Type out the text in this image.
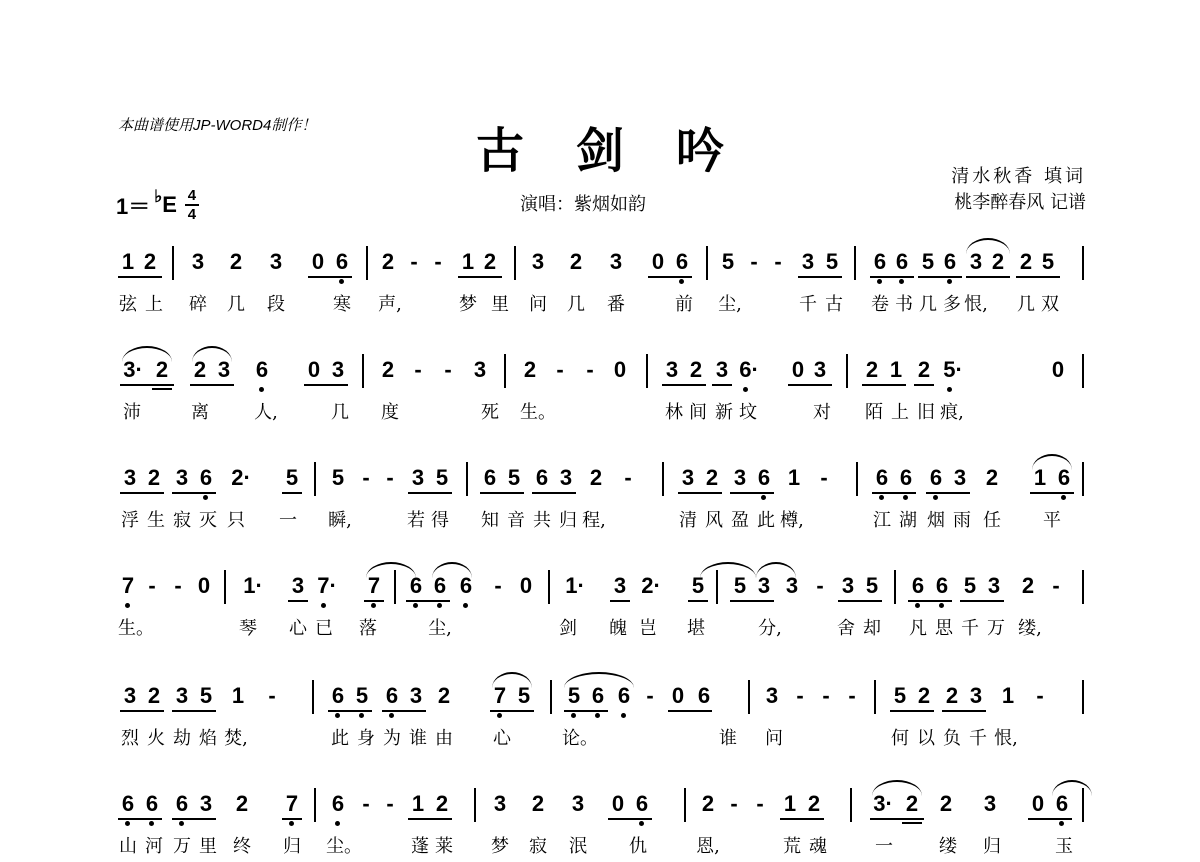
本曲谱使用JP-WORD4制作！	古剑吟	清水秋香 填词
桃李醉春风 记谱
演唱：紫烟如韵
1＝ ♭ E 4
4
1 2 3 2 3 0 6 2 - - 1 2 3 2 3 0 6 5 - - 3 5 6 6 5 6 3 2 2 5
弦 上 碎 几 段	寒 声,	梦 里 问 几 番	前 尘,	千 古 卷 书 几 多 恨, 几 双
3· 2 2 3 6 0 3 2 -	-	3 2 -	- 0 3 2 3 6· 0 3 2 1 2 5·	0
沛	离	人,	几 度	死 生。	林 间 新 坟	对 陌 上 旧 痕,
3 2 3 6 2· 5 5 - - 3 5 6 5 6 3 2	-	3 2 3 6 1 -	6 6 6 3 2 1 6
浮 生 寂 灭 只 一 瞬,	若 得 知 音 共 归 程,	清 风 盈 此 樽,	江 湖 烟 雨 任 平
7 - - 0 1· 3 7· 7 6 6 6	- 0 1· 3 2· 5 5 3 3 - 3 5 6 6 5 3 2 -
生。	琴 心 已 落	尘,	剑 魄 岂 堪	分,	舍 却 凡 思 千 万 缕,
3 2 3 5 1	-	6 5 6 3 2 7 5 5 6 6 - 0 6	3 - - -	5 2 2 3 1	-
烈 火 劫 焰 焚,	此 身 为 谁 由 心	论。	谁 问	何 以 负 千 恨,
6 6 6 3 2 7 6 - - 1 2 3 2 3 0 6 2 - - 1 2 3· 2 2 3 0 6
山 河 万 里 终 归 尘。	蓬 莱 梦 寂 泯 仇	恩,	荒 魂	一	缕 归	玉
